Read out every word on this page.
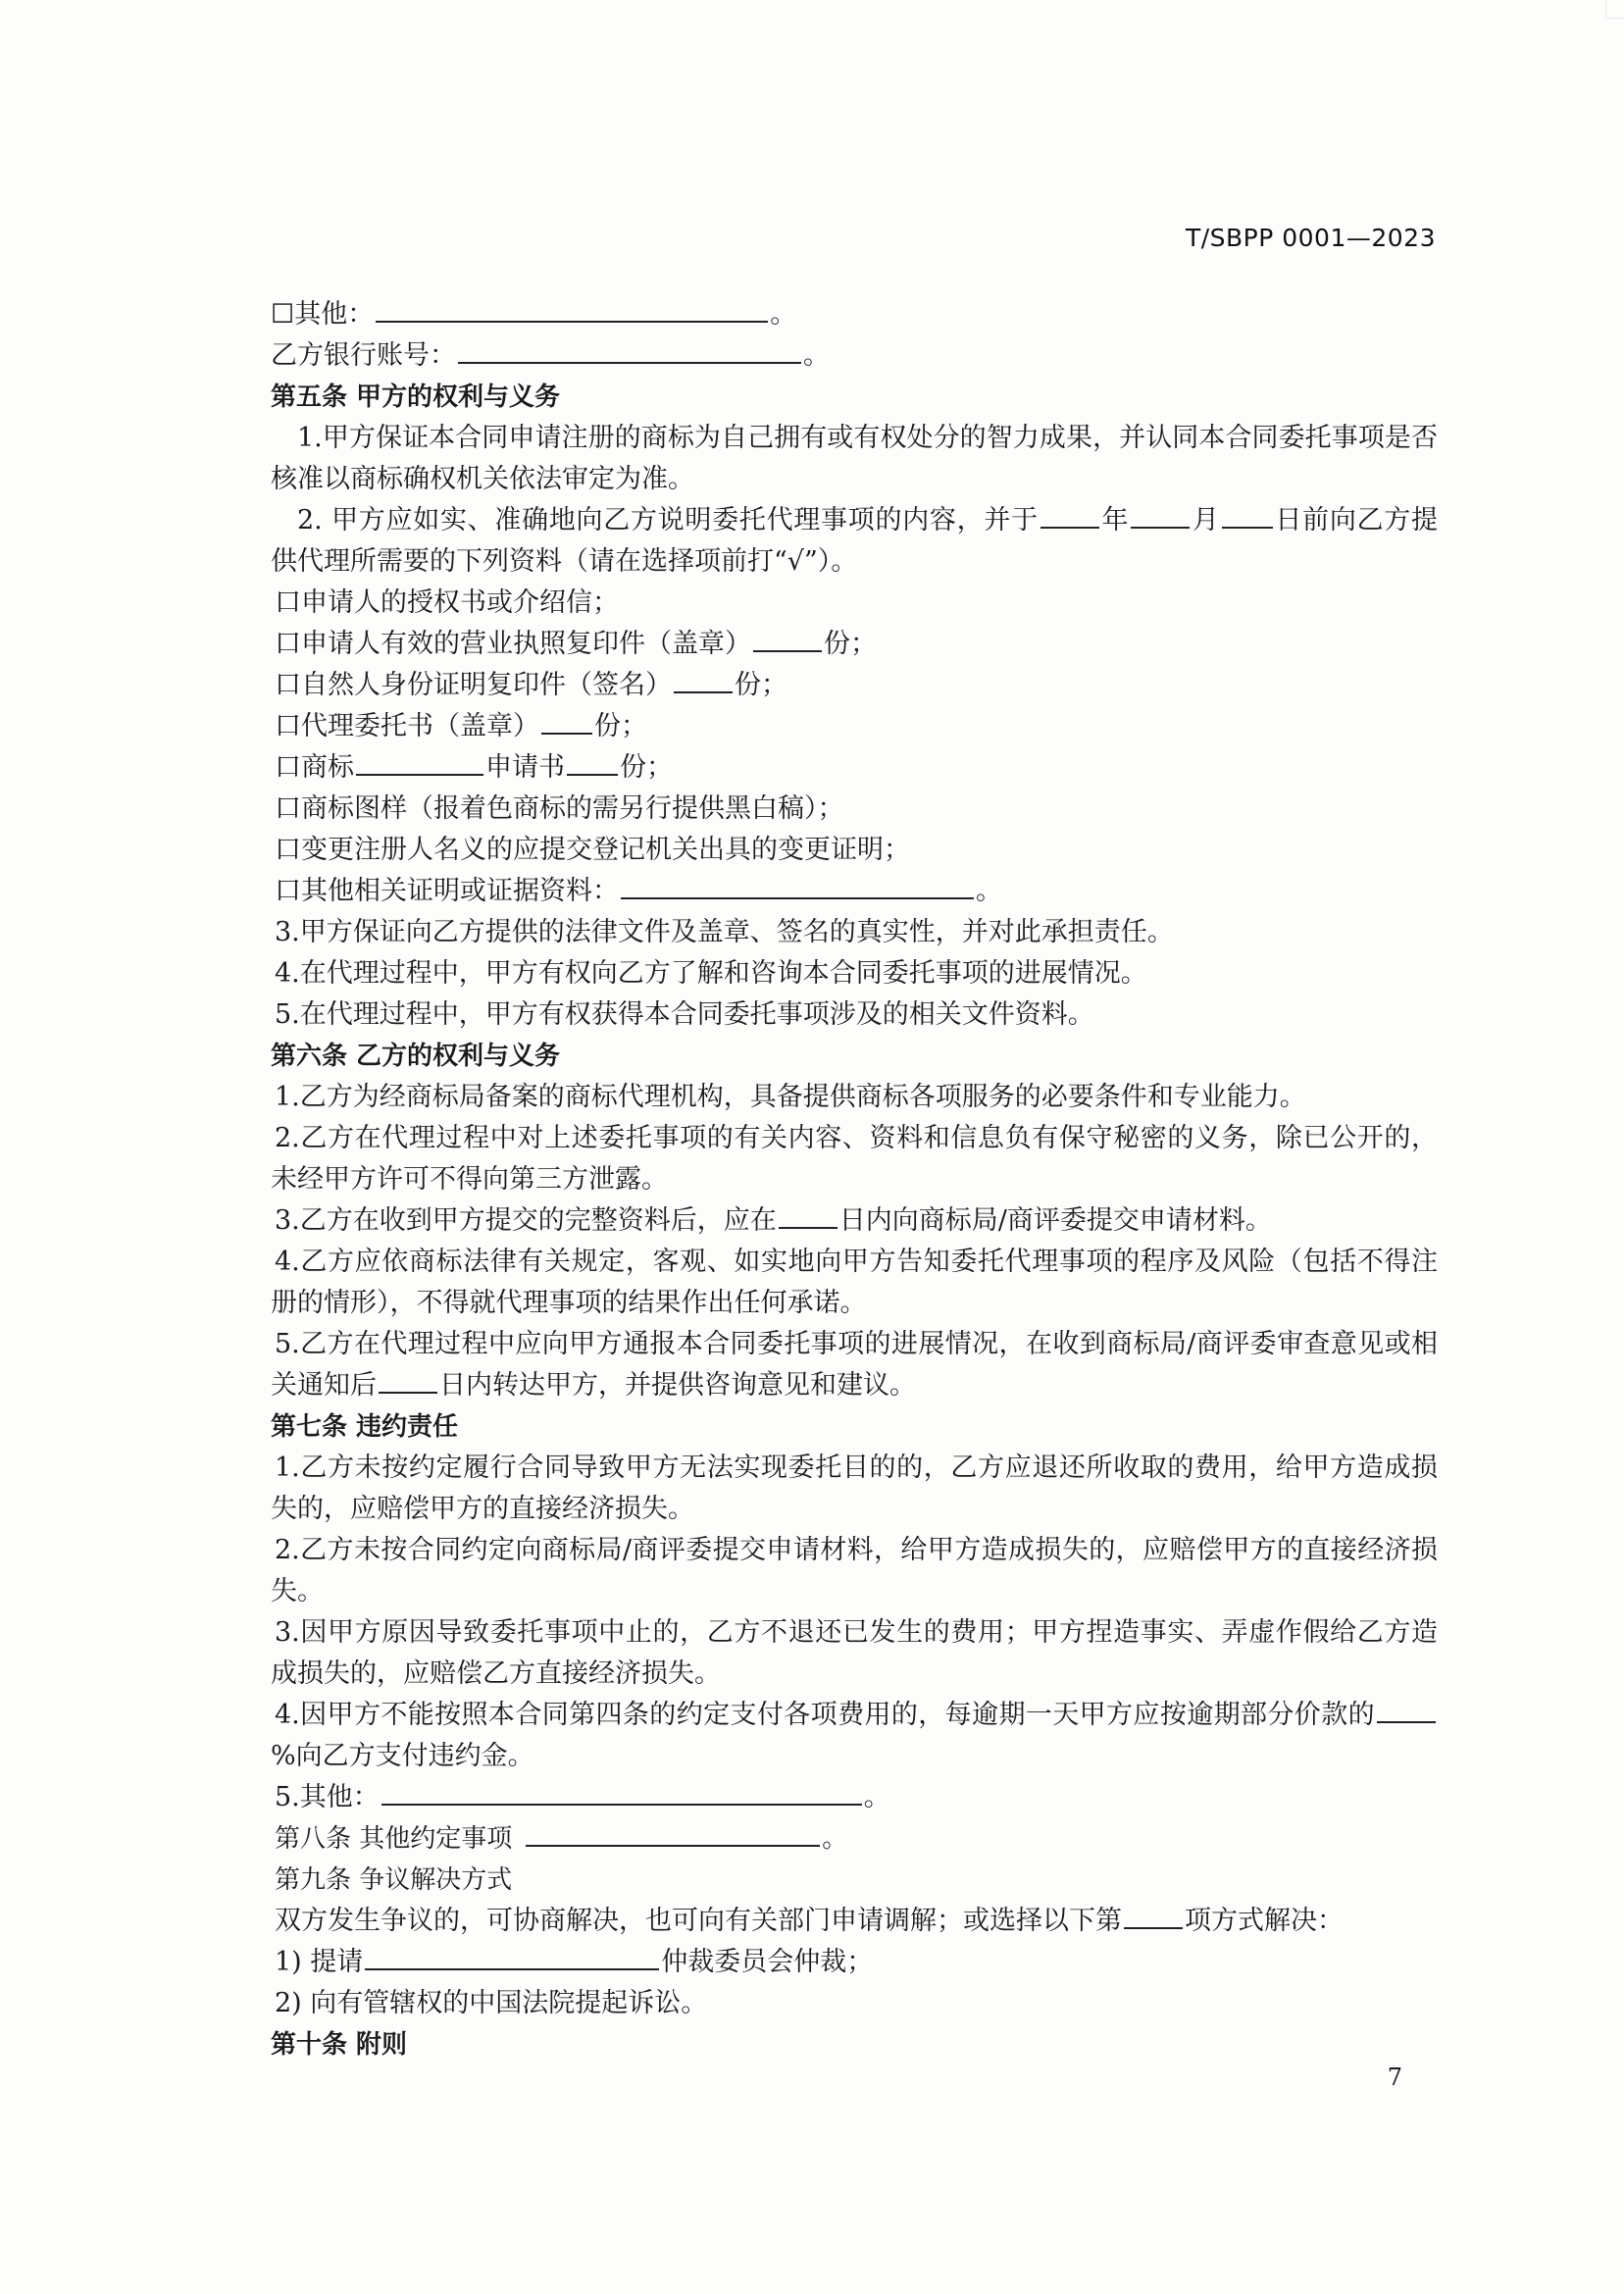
T/SBPP 0001—2023
☐其他：	。
乙方银行账号：	。
第五条 甲方的权利与义务
1.甲方保证本合同申请注册的商标为自己拥有或有权处分的智力成果，并认同本合同委托事项是否核准以商标确权机关依法审定为准。
2. 甲方应如实、准确地向乙方说明委托代理事项的内容，并于 年 月 日前向乙方提供代理所需要的下列资料（请在选择项前打“√”）。
口申请人的授权书或介绍信；
口申请人有效的营业执照复印件（盖章）	份；
口自然人身份证明复印件（签名） 份；
口代理委托书（盖章） 份；
口商标	申请书 份；
口商标图样（报着色商标的需另行提供黑白稿）；
口变更注册人名义的应提交登记机关出具的变更证明；
口其他相关证明或证据资料：	。
3.甲方保证向乙方提供的法律文件及盖章、签名的真实性，并对此承担责任。
4.在代理过程中，甲方有权向乙方了解和咨询本合同委托事项的进展情况。
5.在代理过程中，甲方有权获得本合同委托事项涉及的相关文件资料。
第六条 乙方的权利与义务
1.乙方为经商标局备案的商标代理机构，具备提供商标各项服务的必要条件和专业能力。
2.乙方在代理过程中对上述委托事项的有关内容、资料和信息负有保守秘密的义务，除已公开的，未经甲方许可不得向第三方泄露。
3.乙方在收到甲方提交的完整资料后，应在 日内向商标局/商评委提交申请材料。
4.乙方应依商标法律有关规定，客观、如实地向甲方告知委托代理事项的程序及风险（包括不得注册的情形），不得就代理事项的结果作出任何承诺。
5.乙方在代理过程中应向甲方通报本合同委托事项的进展情况，在收到商标局/商评委审查意见或相关通知后 日内转达甲方，并提供咨询意见和建议。
第七条 违约责任
1.乙方未按约定履行合同导致甲方无法实现委托目的的，乙方应退还所收取的费用，给甲方造成损失的，应赔偿甲方的直接经济损失。
2.乙方未按合同约定向商标局/商评委提交申请材料，给甲方造成损失的，应赔偿甲方的直接经济损失。
3.因甲方原因导致委托事项中止的，乙方不退还已发生的费用；甲方捏造事实、弄虚作假给乙方造成损失的，应赔偿乙方直接经济损失。
4.因甲方不能按照本合同第四条的约定支付各项费用的，每逾期一天甲方应按逾期部分价款的%向乙方支付违约金。
5.其他：	。
第八条 其他约定事项	。
第九条 争议解决方式
双方发生争议的，可协商解决，也可向有关部门申请调解；或选择以下第 项方式解决：
1) 提请	仲裁委员会仲裁；
2) 向有管辖权的中国法院提起诉讼。
第十条 附则
7
